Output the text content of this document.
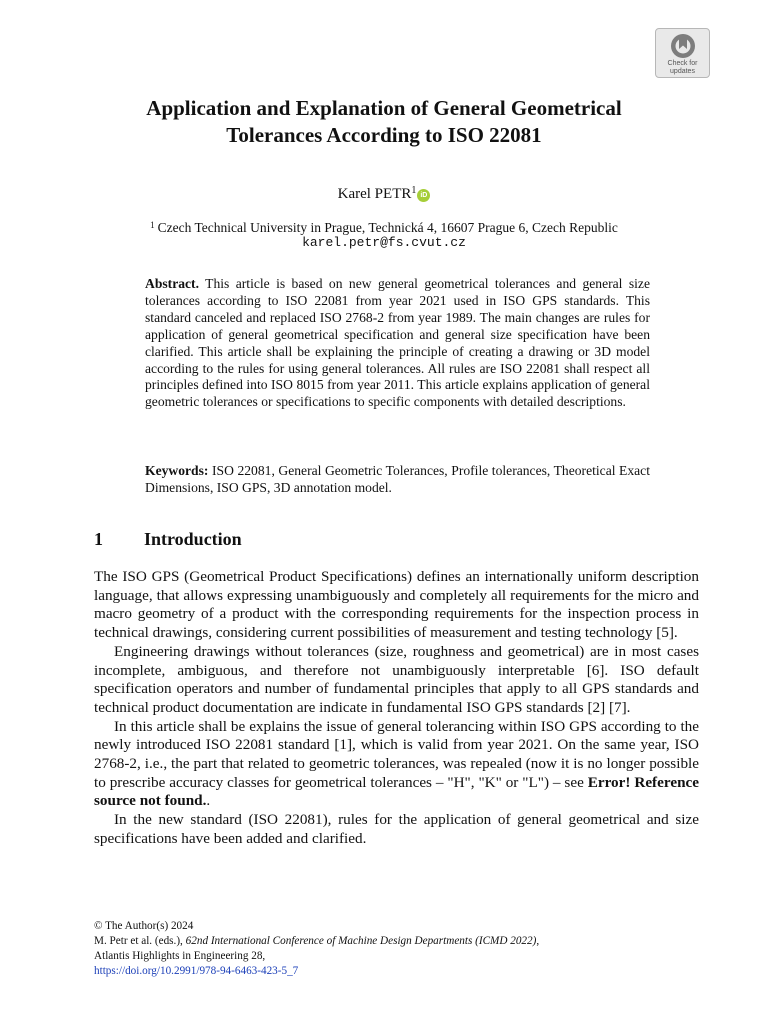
Check for
updates
Application and Explanation of General Geometrical
Tolerances According to ISO 22081
Karel PETR$^1$ iD
$^1$ Czech Technical University in Prague, Technická 4, 16607 Prague 6, Czech Republic
karel.petr@fs.cvut.cz

Abstract. This article is based on new general geometrical tolerances and general size tolerances according to ISO 22081 from year 2021 used in ISO GPS standards. This standard canceled and replaced ISO 2768-2 from year 1989. The main changes are rules for application of general geometrical specification and general size specification have been clarified. This article shall be explaining the principle of creating a drawing or 3D model according to the rules for using general tolerances. All rules are ISO 22081 shall respect all principles defined into ISO 8015 from year 2011. This article explains application of general geometric tolerances or specifications to specific components with detailed descriptions.

Keywords: ISO 22081, General Geometric Tolerances, Profile tolerances, Theoretical Exact Dimensions, ISO GPS, 3D annotation model.

1 Introduction

The ISO GPS (Geometrical Product Specifications) defines an internationally uniform description language, that allows expressing unambiguously and completely all requirements for the micro and macro geometry of a product with the corresponding requirements for the inspection process in technical drawings, considering current possibilities of measurement and testing technology [5].

Engineering drawings without tolerances (size, roughness and geometrical) are in most cases incomplete, ambiguous, and therefore not unambiguously interpretable [6]. ISO default specification operators and number of fundamental principles that apply to all GPS standards and technical product documentation are indicate in fundamental ISO GPS standards [2] [7].

In this article shall be explains the issue of general tolerancing within ISO GPS according to the newly introduced ISO 22081 standard [1], which is valid from year 2021. On the same year, ISO 2768-2, i.e., the part that related to geometric tolerances, was repealed (now it is no longer possible to prescribe accuracy classes for geometrical tolerances – "H", "K" or "L") – see Error! Reference source not found..

In the new standard (ISO 22081), rules for the application of general geometrical and size specifications have been added and clarified.

© The Author(s) 2024
M. Petr et al. (eds.), 62nd International Conference of Machine Design Departments (ICMD 2022),
Atlantis Highlights in Engineering 28,
https://doi.org/10.2991/978-94-6463-423-5_7
